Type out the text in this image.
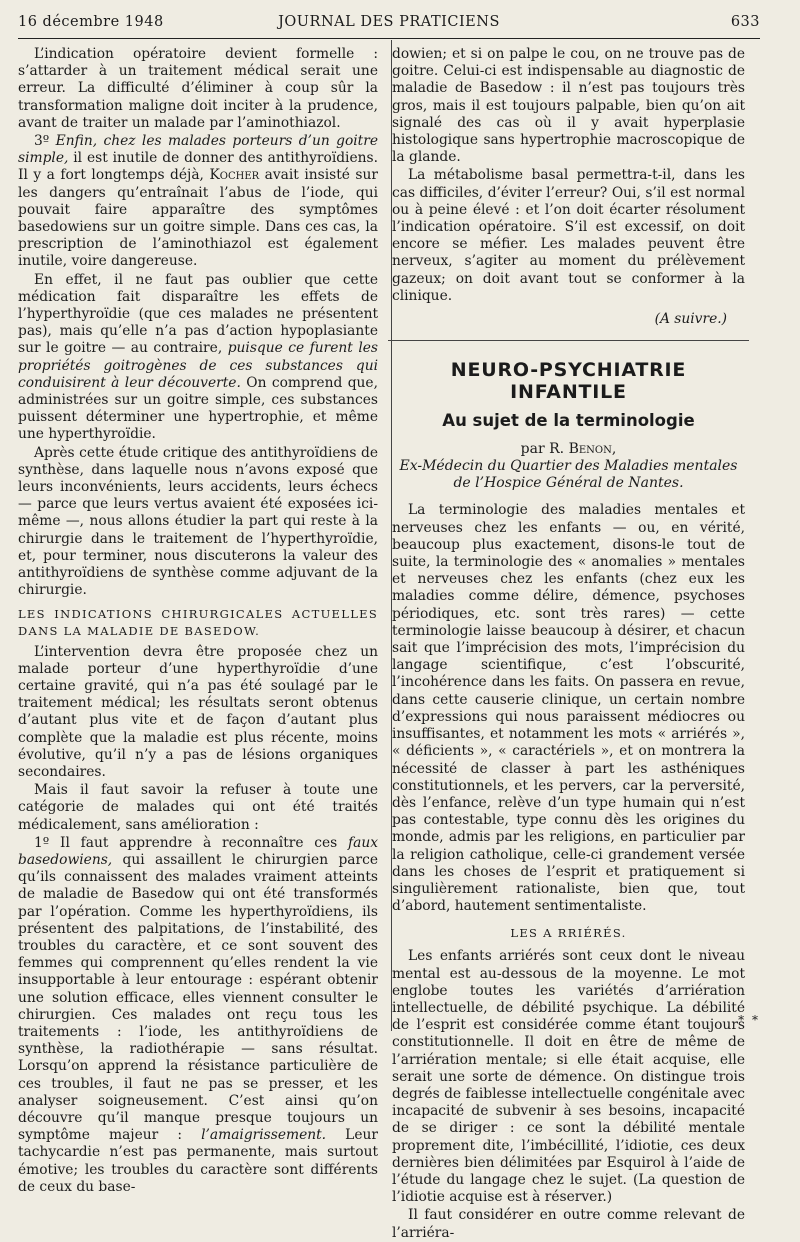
16 décembre 1948	JOURNAL DES PRATICIENS	633

L’indication opératoire devient formelle : s’attarder à un traitement médical serait une erreur. La difficulté d’éliminer à coup sûr la transformation maligne doit inciter à la prudence, avant de traiter un malade par l’aminothiazol.

3º Enfin, chez les malades porteurs d’un goitre simple, il est inutile de donner des antithyroïdiens. Il y a fort longtemps déjà, Kocher avait insisté sur les dangers qu’entraînait l’abus de l’iode, qui pouvait faire apparaître des symptômes basedowiens sur un goitre simple. Dans ces cas, la prescription de l’aminothiazol est également inutile, voire dangereuse.

En effet, il ne faut pas oublier que cette médication fait disparaître les effets de l’hyperthyroïdie (que ces malades ne présentent pas), mais qu’elle n’a pas d’action hypoplasiante sur le goitre — au contraire, puisque ce furent les propriétés goitrogènes de ces substances qui conduisirent à leur découverte. On comprend que, administrées sur un goitre simple, ces substances puissent déterminer une hypertrophie, et même une hyperthyroïdie.

Après cette étude critique des antithyroïdiens de synthèse, dans laquelle nous n’avons exposé que leurs inconvénients, leurs accidents, leurs échecs — parce que leurs vertus avaient été exposées ici-même —, nous allons étudier la part qui reste à la chirurgie dans le traitement de l’hyperthyroïdie, et, pour terminer, nous discuterons la valeur des antithyroïdiens de synthèse comme adjuvant de la chirurgie.

LES INDICATIONS CHIRURGICALES ACTUELLES DANS LA MALADIE DE BASEDOW.

L’intervention devra être proposée chez un malade porteur d’une hyperthyroïdie d’une certaine gravité, qui n’a pas été soulagé par le traitement médical; les résultats seront obtenus d’autant plus vite et de façon d’autant plus complète que la maladie est plus récente, moins évolutive, qu’il n’y a pas de lésions organiques secondaires.

Mais il faut savoir la refuser à toute une catégorie de malades qui ont été traités médicalement, sans amélioration :

1º Il faut apprendre à reconnaître ces faux basedowiens, qui assaillent le chirurgien parce qu’ils connaissent des malades vraiment atteints de maladie de Basedow qui ont été transformés par l’opération. Comme les hyperthyroïdiens, ils présentent des palpitations, de l’instabilité, des troubles du caractère, et ce sont souvent des femmes qui comprennent qu’elles rendent la vie insupportable à leur entourage : espérant obtenir une solution efficace, elles viennent consulter le chirurgien. Ces malades ont reçu tous les traitements : l’iode, les antithyroïdiens de synthèse, la radiothérapie — sans résultat. Lorsqu’on apprend la résistance particulière de ces troubles, il faut ne pas se presser, et les analyser soigneusement. C’est ainsi qu’on découvre qu’il manque presque toujours un symptôme majeur : l’amaigrissement. Leur tachycardie n’est pas permanente, mais surtout émotive; les troubles du caractère sont différents de ceux du base-

dowien; et si on palpe le cou, on ne trouve pas de goitre. Celui-ci est indispensable au diagnostic de maladie de Basedow : il n’est pas toujours très gros, mais il est toujours palpable, bien qu’on ait signalé des cas où il y avait hyperplasie histologique sans hypertrophie macroscopique de la glande.

La métabolisme basal permettra-t-il, dans les cas difficiles, d’éviter l’erreur? Oui, s’il est normal ou à peine élevé : et l’on doit écarter résolument l’indication opératoire. S’il est excessif, on doit encore se méfier. Les malades peuvent être nerveux, s’agiter au moment du prélèvement gazeux; on doit avant tout se conformer à la clinique.

(A suivre.)
NEURO-PSYCHIATRIE INFANTILE
Au sujet de la terminologie
par R. Benon,
Ex-Médecin du Quartier des Maladies mentales
de l’Hospice Général de Nantes.

La terminologie des maladies mentales et nerveuses chez les enfants — ou, en vérité, beaucoup plus exactement, disons-le tout de suite, la terminologie des « anomalies » mentales et nerveuses chez les enfants (chez eux les maladies comme délire, démence, psychoses périodiques, etc. sont très rares) — cette terminologie laisse beaucoup à désirer, et chacun sait que l’imprécision des mots, l’imprécision du langage scientifique, c’est l’obscurité, l’incohérence dans les faits. On passera en revue, dans cette causerie clinique, un certain nombre d’expressions qui nous paraissent médiocres ou insuffisantes, et notamment les mots « arriérés », « déficients », « caractériels », et on montrera la nécessité de classer à part les asthéniques constitutionnels, et les pervers, car la perversité, dès l’enfance, relève d’un type humain qui n’est pas contestable, type connu dès les origines du monde, admis par les religions, en particulier par la religion catholique, celle-ci grandement versée dans les choses de l’esprit et pratiquement si singulièrement rationaliste, bien que, tout d’abord, hautement sentimentaliste.

LES A RRIÉRÉS.

Les enfants arriérés sont ceux dont le niveau mental est au-dessous de la moyenne. Le mot englobe toutes les variétés d’arriération intellectuelle, de débilité psychique. La débilité de l’esprit est considérée comme étant toujours constitutionnelle. Il doit en être de même de l’arriération mentale; si elle était acquise, elle serait une sorte de démence. On distingue trois degrés de faiblesse intellectuelle congénitale avec incapacité de subvenir à ses besoins, incapacité de se diriger : ce sont la débilité mentale proprement dite, l’imbécillité, l’idiotie, ces deux dernières bien délimitées par Esquirol à l’aide de l’étude du langage chez le sujet. (La question de l’idiotie acquise est à réserver.)

Il faut considérer en outre comme relevant de l’arriéra-

* *
